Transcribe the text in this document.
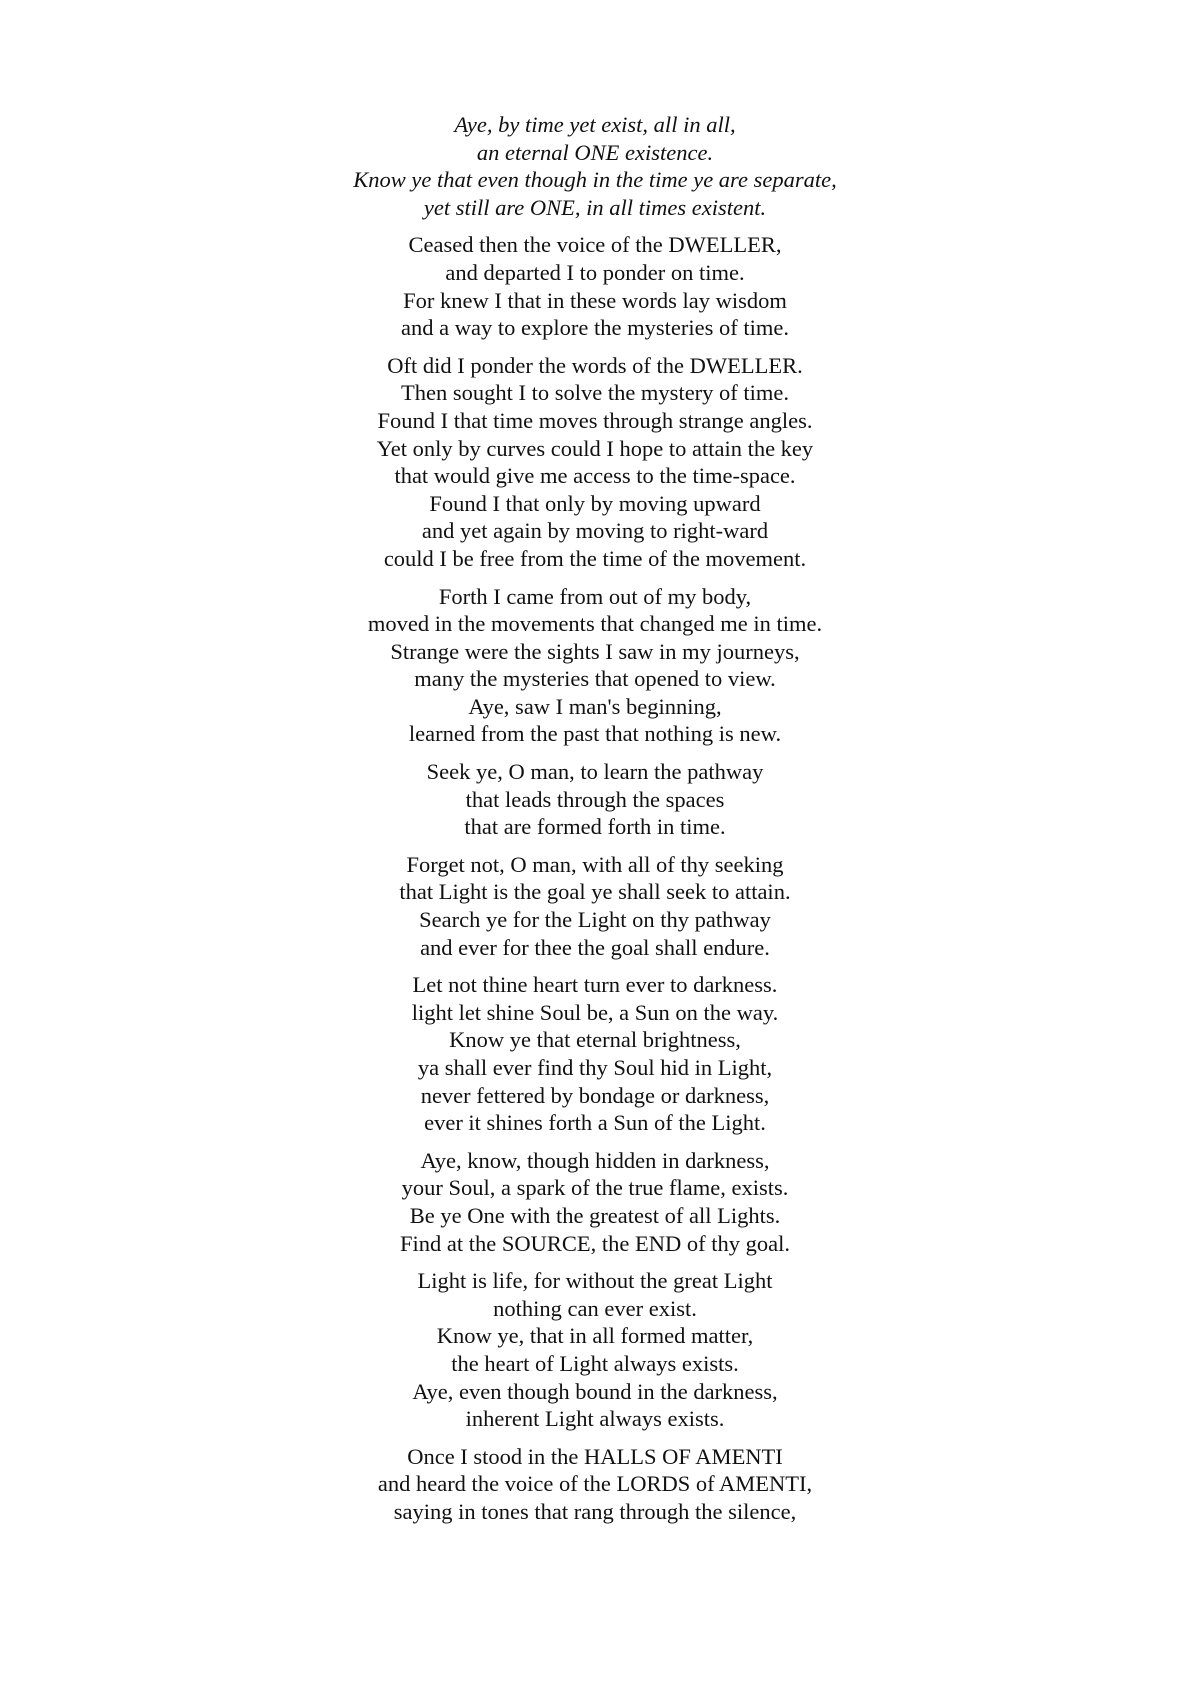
Aye, by time yet exist, all in all,
an eternal ONE existence.
Know ye that even though in the time ye are separate,
yet still are ONE, in all times existent.
Ceased then the voice of the DWELLER,
and departed I to ponder on time.
For knew I that in these words lay wisdom
and a way to explore the mysteries of time.
Oft did I ponder the words of the DWELLER.
Then sought I to solve the mystery of time.
Found I that time moves through strange angles.
Yet only by curves could I hope to attain the key
that would give me access to the time-space.
Found I that only by moving upward
and yet again by moving to right-ward
could I be free from the time of the movement.
Forth I came from out of my body,
moved in the movements that changed me in time.
Strange were the sights I saw in my journeys,
many the mysteries that opened to view.
Aye, saw I man's beginning,
learned from the past that nothing is new.
Seek ye, O man, to learn the pathway
that leads through the spaces
that are formed forth in time.
Forget not, O man, with all of thy seeking
that Light is the goal ye shall seek to attain.
Search ye for the Light on thy pathway
and ever for thee the goal shall endure.
Let not thine heart turn ever to darkness.
light let shine Soul be, a Sun on the way.
Know ye that eternal brightness,
ya shall ever find thy Soul hid in Light,
never fettered by bondage or darkness,
ever it shines forth a Sun of the Light.
Aye, know, though hidden in darkness,
your Soul, a spark of the true flame, exists.
Be ye One with the greatest of all Lights.
Find at the SOURCE, the END of thy goal.
Light is life, for without the great Light
nothing can ever exist.
Know ye, that in all formed matter,
the heart of Light always exists.
Aye, even though bound in the darkness,
inherent Light always exists.
Once I stood in the HALLS OF AMENTI
and heard the voice of the LORDS of AMENTI,
saying in tones that rang through the silence,
